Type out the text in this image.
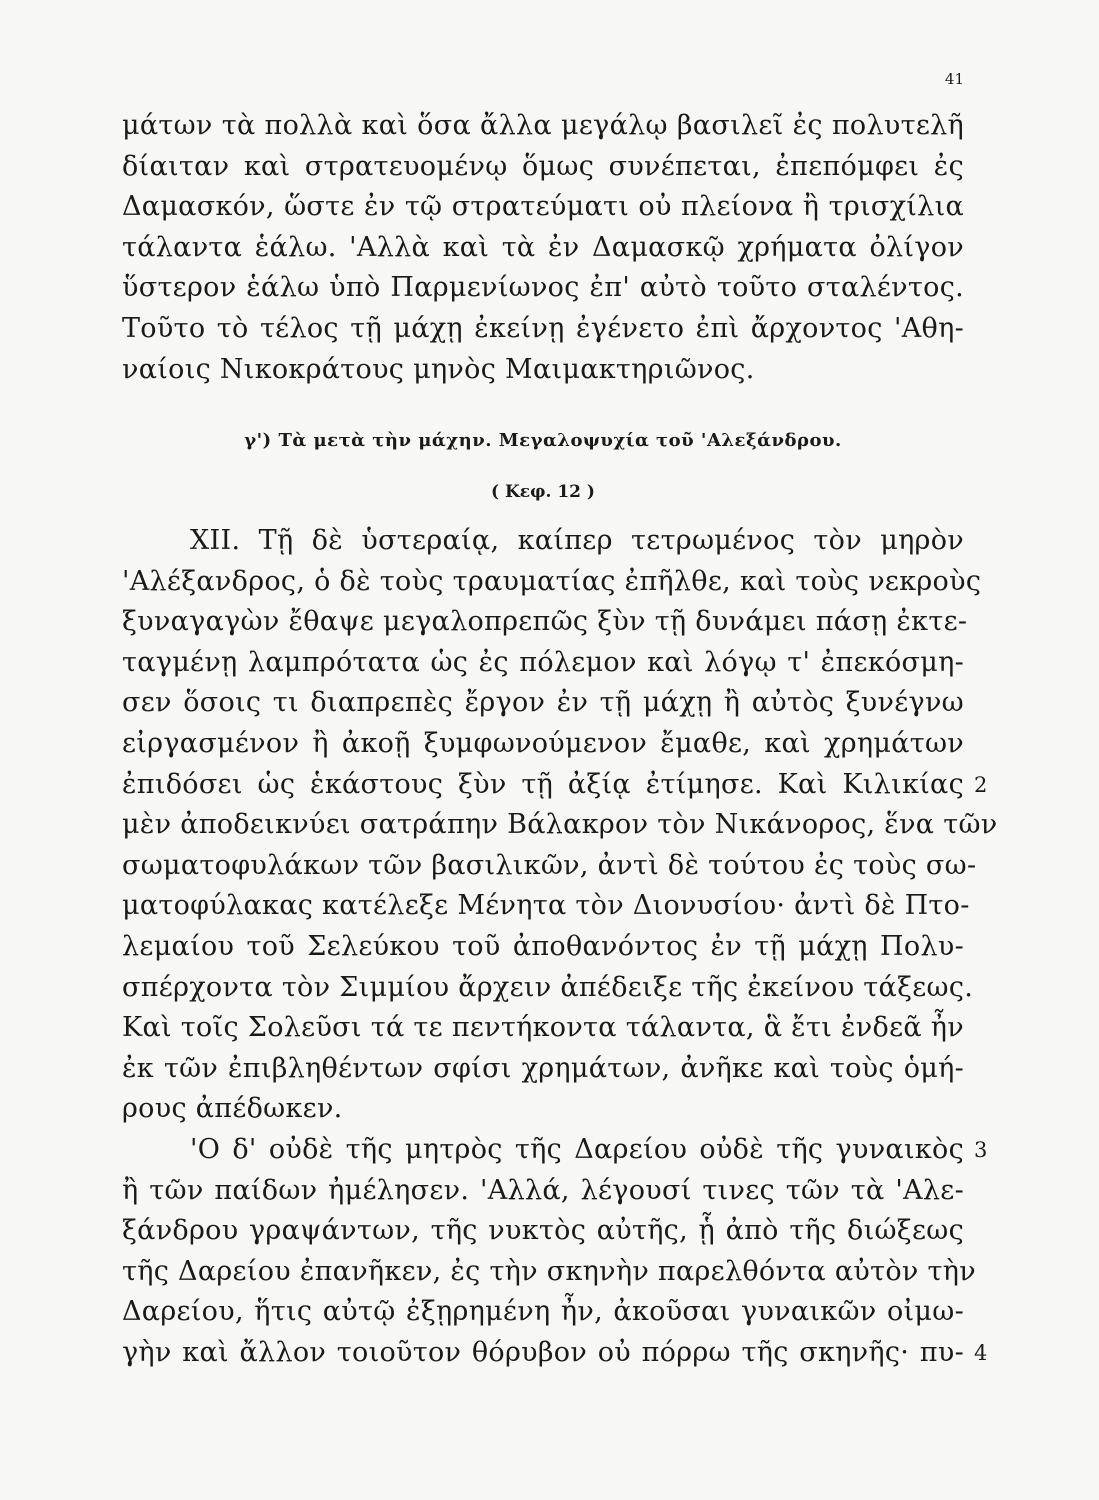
41
μάτων τὰ πολλὰ καὶ ὅσα ἄλλα μεγάλῳ βασιλεῖ ἐς πολυτελῆ
δίαιταν καὶ στρατευομένῳ ὅμως συνέπεται, ἐπεπόμφει ἐς
Δαμασκόν, ὥστε ἐν τῷ στρατεύματι οὐ πλείονα ἢ τρισχίλια
τάλαντα ἑάλω. 'Αλλὰ καὶ τὰ ἐν Δαμασκῷ χρήματα ὀλίγον
ὕστερον ἑάλω ὑπὸ Παρμενίωνος ἐπ' αὐτὸ τοῦτο σταλέντος.
Τοῦτο τὸ τέλος τῇ μάχῃ ἐκείνῃ ἐγένετο ἐπὶ ἄρχοντος 'Αθη-
ναίοις Νικοκράτους μηνὸς Μαιμακτηριῶνος.
γ') Τὰ μετὰ τὴν μάχην. Μεγαλοψυχία τοῦ 'Αλεξάνδρου.
( Κεφ. 12 )
XII. Τῇ δὲ ὑστεραίᾳ, καίπερ τετρωμένος τὸν μηρὸν
'Αλέξανδρος, ὁ δὲ τοὺς τραυματίας ἐπῆλθε, καὶ τοὺς νεκροὺς
ξυναγαγὼν ἔθαψε μεγαλοπρεπῶς ξὺν τῇ δυνάμει πάσῃ ἐκτε-
ταγμένῃ λαμπρότατα ὡς ἐς πόλεμον καὶ λόγῳ τ' ἐπεκόσμη-
σεν ὅσοις τι διαπρεπὲς ἔργον ἐν τῇ μάχῃ ἢ αὐτὸς ξυνέγνω
εἰργασμένον ἢ ἀκοῇ ξυμφωνούμενον ἔμαθε, καὶ χρημάτων
ἐπιδόσει ὡς ἑκάστους ξὺν τῇ ἀξίᾳ ἐτίμησε. Καὶ Κιλικίας
μὲν ἀποδεικνύει σατράπην Βάλακρον τὸν Νικάνορος, ἕνα τῶν
σωματοφυλάκων τῶν βασιλικῶν, ἀντὶ δὲ τούτου ἐς τοὺς σω-
ματοφύλακας κατέλεξε Μένητα τὸν Διονυσίου· ἀντὶ δὲ Πτο-
λεμαίου τοῦ Σελεύκου τοῦ ἀποθανόντος ἐν τῇ μάχῃ Πολυ-
σπέρχοντα τὸν Σιμμίου ἄρχειν ἀπέδειξε τῆς ἐκείνου τάξεως.
Καὶ τοῖς Σολεῦσι τά τε πεντήκοντα τάλαντα, ἃ ἔτι ἐνδεᾶ ἦν
ἐκ τῶν ἐπιβληθέντων σφίσι χρημάτων, ἀνῆκε καὶ τοὺς ὁμή-
ρους ἀπέδωκεν.
'Ο δ' οὐδὲ τῆς μητρὸς τῆς Δαρείου οὐδὲ τῆς γυναικὸς
ἢ τῶν παίδων ἠμέλησεν. 'Αλλά, λέγουσί τινες τῶν τὰ 'Αλε-
ξάνδρου γραψάντων, τῆς νυκτὸς αὐτῆς, ᾗ ἀπὸ τῆς διώξεως
τῆς Δαρείου ἐπανῆκεν, ἐς τὴν σκηνὴν παρελθόντα αὐτὸν τὴν
Δαρείου, ἥτις αὐτῷ ἐξῃρημένη ἦν, ἀκοῦσαι γυναικῶν οἰμω-
γὴν καὶ ἄλλον τοιοῦτον θόρυβον οὐ πόρρω τῆς σκηνῆς· πυ-
2
3
4
